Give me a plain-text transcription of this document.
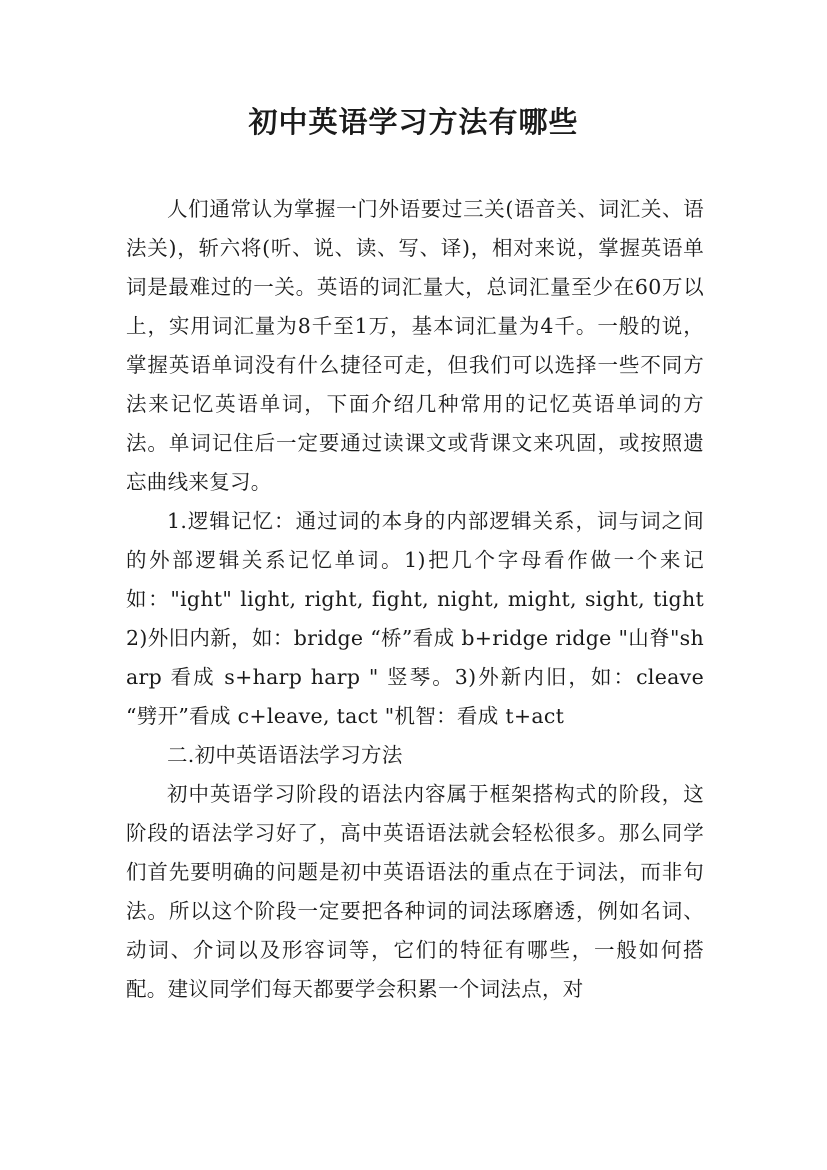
初中英语学习方法有哪些

人们通常认为掌握一门外语要过三关(语音关、词汇关、语法关)，斩六将(听、说、读、写、译)，相对来说，掌握英语单词是最难过的一关。英语的词汇量大，总词汇量至少在60万以上，实用词汇量为8千至1万，基本词汇量为4千。一般的说，掌握英语单词没有什么捷径可走，但我们可以选择一些不同方法来记忆英语单词，下面介绍几种常用的记忆英语单词的方法。单词记住后一定要通过读课文或背课文来巩固，或按照遗忘曲线来复习。

1.逻辑记忆：通过词的本身的内部逻辑关系，词与词之间的外部逻辑关系记忆单词。1)把几个字母看作做一个来记如："ight" light, right, fight, night, might, sight, tight 2)外旧内新，如：bridge “桥”看成 b+ridge ridge "山脊"sharp 看成 s+harp harp " 竖琴。3)外新内旧，如：cleave “劈开”看成 c+leave, tact "机智：看成 t+act

二.初中英语语法学习方法

初中英语学习阶段的语法内容属于框架搭构式的阶段，这阶段的语法学习好了，高中英语语法就会轻松很多。那么同学们首先要明确的问题是初中英语语法的重点在于词法，而非句法。所以这个阶段一定要把各种词的词法琢磨透，例如名词、动词、介词以及形容词等，它们的特征有哪些，一般如何搭配。建议同学们每天都要学会积累一个词法点，对
